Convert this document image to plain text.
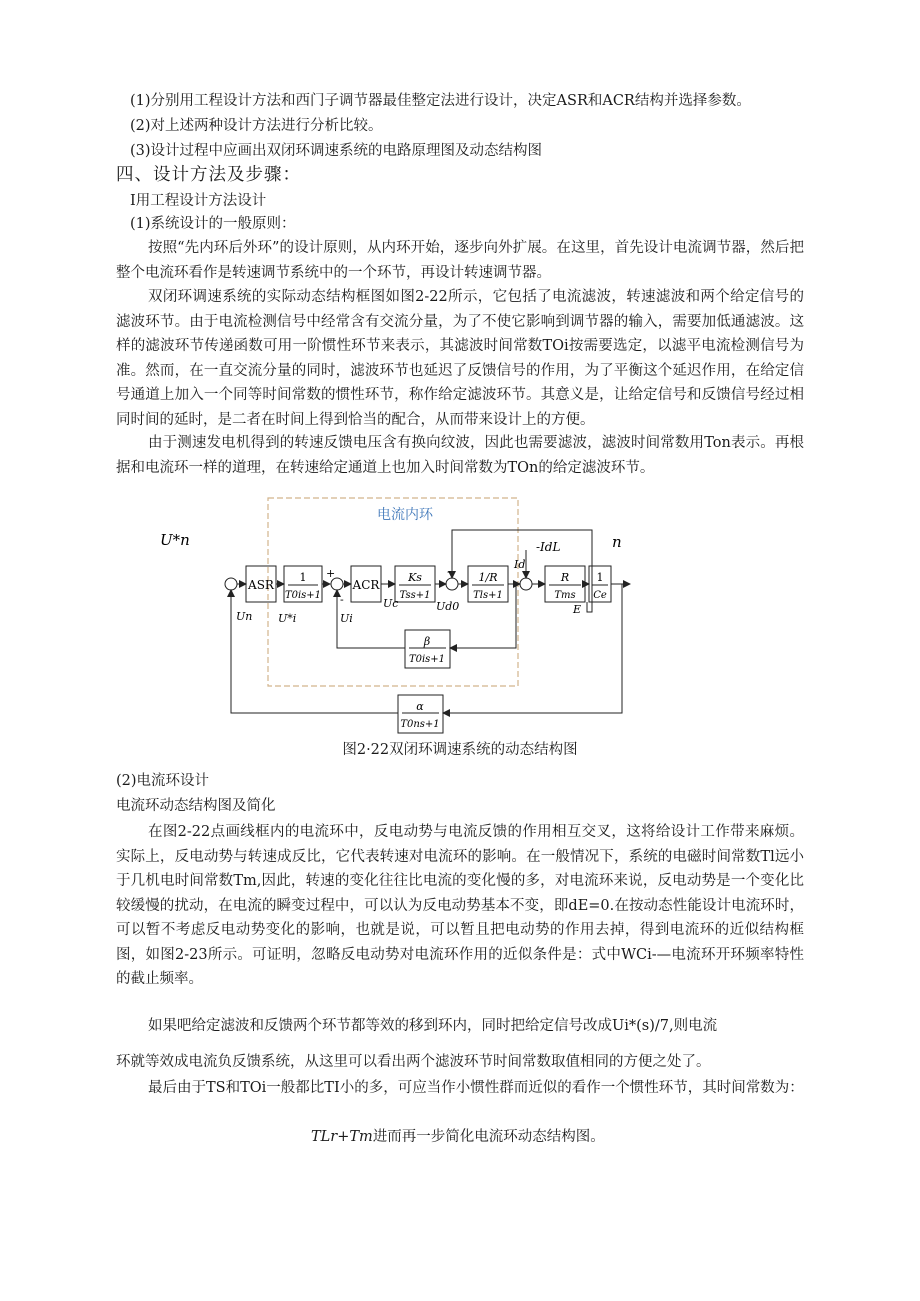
(1)分别用工程设计方法和西门子调节器最佳整定法进行设计，决定ASR和ACR结构并选择参数。
(2)对上述两种设计方法进行分析比较。
(3)设计过程中应画出双闭环调速系统的电路原理图及动态结构图
四、设计方法及步骤：
I用工程设计方法设计
(1)系统设计的一般原则：
按照“先内环后外环”的设计原则，从内环开始，逐步向外扩展。在这里，首先设计电流调节器，然后把整个电流环看作是转速调节系统中的一个环节，再设计转速调节器。
双闭环调速系统的实际动态结构框图如图2-22所示，它包括了电流滤波，转速滤波和两个给定信号的滤波环节。由于电流检测信号中经常含有交流分量，为了不使它影响到调节器的输入，需要加低通滤波。这样的滤波环节传递函数可用一阶惯性环节来表示，其滤波时间常数TOi按需要选定，以滤平电流检测信号为准。然而，在一直交流分量的同时，滤波环节也延迟了反馈信号的作用，为了平衡这个延迟作用，在给定信号通道上加入一个同等时间常数的惯性环节，称作给定滤波环节。其意义是，让给定信号和反馈信号经过相同时间的延时，是二者在时间上得到恰当的配合，从而带来设计上的方便。
由于测速发电机得到的转速反馈电压含有换向纹波，因此也需要滤波，滤波时间常数用Ton表示。再根据和电流环一样的道理，在转速给定通道上也加入时间常数为TOn的给定滤波环节。
电流内环
U*n	n
ASR
1
T0is+1
+
ACR
Ks
Tss+1
1/R
Tls+1
R
Tms
1
Ce
-IdL
Id
-
E
β
T0is+1
-
α
T0ns+1
Un U*i	Ui
Uc	Ud0
图2·22双闭环调速系统的动态结构图
(2)电流环设计
电流环动态结构图及简化
在图2-22点画线框内的电流环中，反电动势与电流反馈的作用相互交叉，这将给设计工作带来麻烦。实际上，反电动势与转速成反比，它代表转速对电流环的影响。在一般情况下，系统的电磁时间常数Tl远小于几机电时间常数Tm,因此，转速的变化往往比电流的变化慢的多，对电流环来说，反电动势是一个变化比较缓慢的扰动，在电流的瞬变过程中，可以认为反电动势基本不变，即dE=0.在按动态性能设计电流环时，可以暂不考虑反电动势变化的影响，也就是说，可以暂且把电动势的作用去掉，得到电流环的近似结构框图，如图2-23所示。可证明，忽略反电动势对电流环作用的近似条件是：式中WCi-—电流环开环频率特性的截止频率。
如果吧给定滤波和反馈两个环节都等效的移到环内，同时把给定信号改成Ui*(s)∕7,则电流
环就等效成电流负反馈系统，从这里可以看出两个滤波环节时间常数取值相同的方便之处了。
最后由于TS和TOi一般都比TI小的多，可应当作小惯性群而近似的看作一个惯性环节，其时间常数为：
TLr+Tm进而再一步简化电流环动态结构图。
